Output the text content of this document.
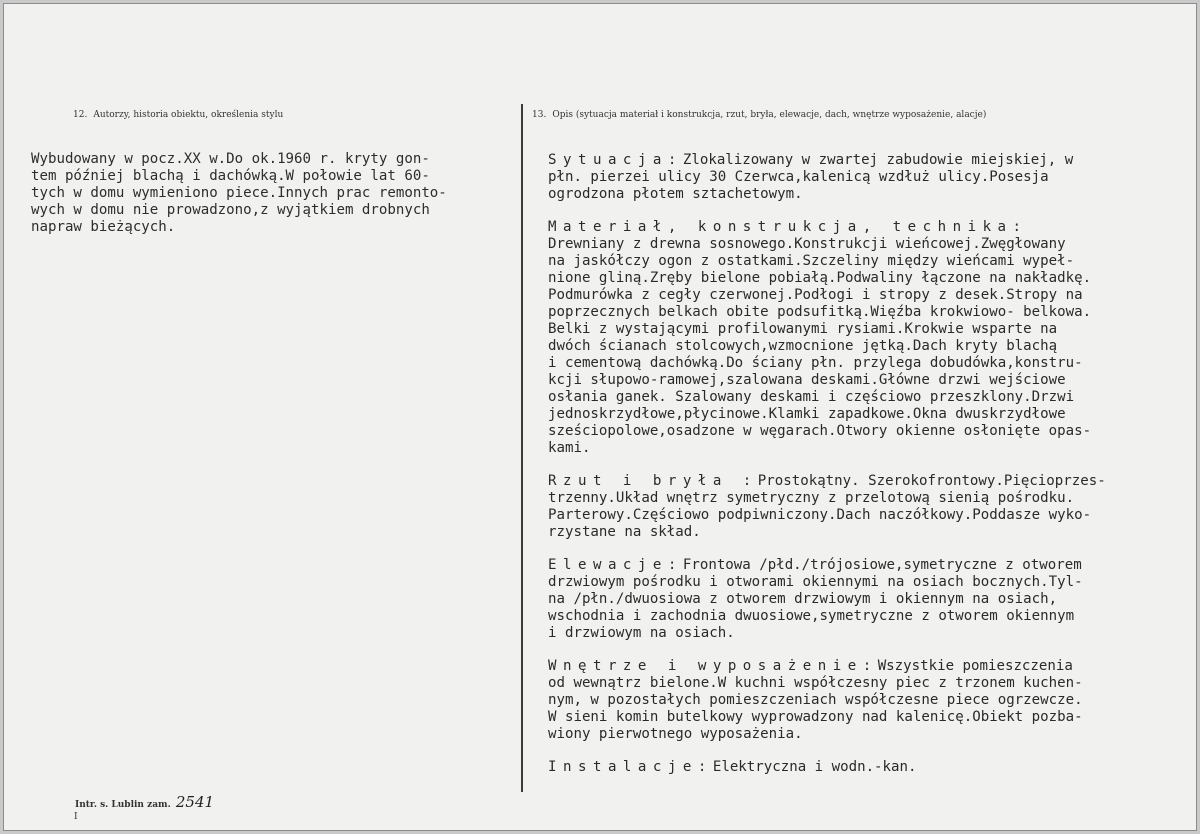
12. Autorzy, historia obiektu, określenia stylu	13. Opis (sytuacja materiał i konstrukcja, rzut, bryła, elewacje, dach, wnętrze wyposażenie, alacje)
Wybudowany w pocz.XX w.Do ok.1960 r. kryty gon-
tem później blachą i dachówką.W połowie lat 60-
tych w domu wymieniono piece.Innych prac remonto-
wych w domu nie prowadzono,z wyjątkiem drobnych
napraw bieżących.
Sytuacja:Zlokalizowany w zwartej zabudowie miejskiej, w
płn. pierzei ulicy 30 Czerwca,kalenicą wzdłuż ulicy.Posesja
ogrodzona płotem sztachetowym.
Materiał, konstrukcja, technika:
Drewniany z drewna sosnowego.Konstrukcji wieńcowej.Zwęgłowany
na jaskółczy ogon z ostatkami.Szczeliny między wieńcami wypeł-
nione gliną.Zręby bielone pobiałą.Podwaliny łączone na nakładkę.
Podmurówka z cegły czerwonej.Podłogi i stropy z desek.Stropy na
poprzecznych belkach obite podsufitką.Więźba krokwiowo- belkowa.
Belki z wystającymi profilowanymi rysiami.Krokwie wsparte na
dwóch ścianach stolcowych,wzmocnione jętką.Dach kryty blachą
i cementową dachówką.Do ściany płn. przylega dobudówka,konstru-
kcji słupowo-ramowej,szalowana deskami.Główne drzwi wejściowe
osłania ganek. Szalowany deskami i częściowo przeszklony.Drzwi
jednoskrzydłowe,płycinowe.Klamki zapadkowe.Okna dwuskrzydłowe
sześciopolowe,osadzone w węgarach.Otwory okienne osłonięte opas-
kami.
Rzut i bryła :Prostokątny. Szerokofrontowy.Pięcioprzes-
trzenny.Układ wnętrz symetryczny z przelotową sienią pośrodku.
Parterowy.Częściowo podpiwniczony.Dach naczółkowy.Poddasze wyko-
rzystane na skład.
Elewacje:Frontowa /płd./trójosiowe,symetryczne z otworem
drzwiowym pośrodku i otworami okiennymi na osiach bocznych.Tyl-
na /płn./dwuosiowa z otworem drzwiowym i okiennym na osiach,
wschodnia i zachodnia dwuosiowe,symetryczne z otworem okiennym
i drzwiowym na osiach.
Wnętrze i wyposażenie:Wszystkie pomieszczenia
od wewnątrz bielone.W kuchni współczesny piec z trzonem kuchen-
nym, w pozostałych pomieszczeniach współczesne piece ogrzewcze.
W sieni komin butelkowy wyprowadzony nad kalenicę.Obiekt pozba-
wiony pierwotnego wyposażenia.
Instalacje:Elektryczna i wodn.-kan.
Intr. s. Lublin zam. 2541
I
